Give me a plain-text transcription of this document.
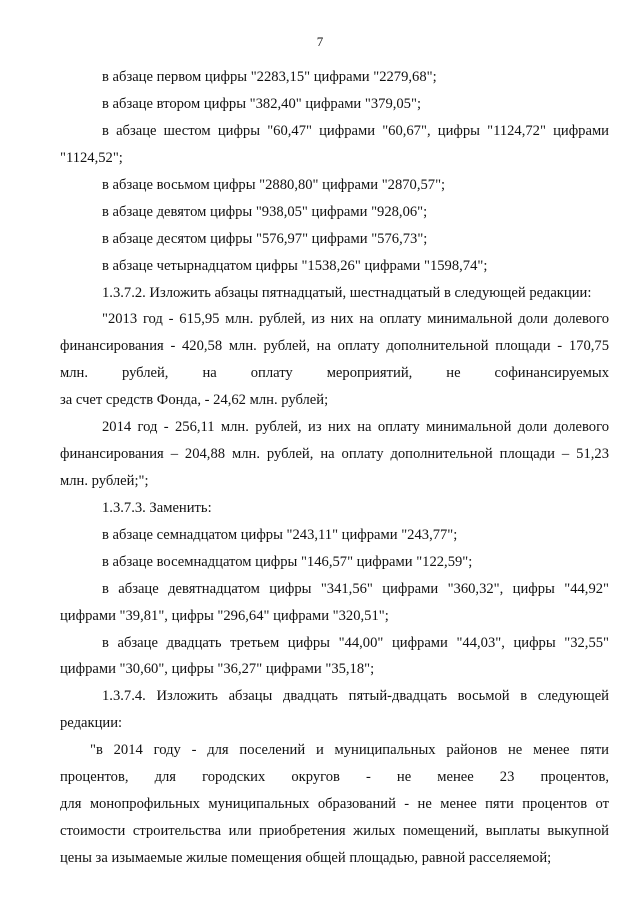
7
в абзаце первом цифры "2283,15" цифрами "2279,68";
в абзаце втором цифры "382,40" цифрами "379,05";
в абзаце шестом цифры "60,47" цифрами "60,67", цифры "1124,72" цифрами
"1124,52";
в абзаце восьмом цифры "2880,80" цифрами "2870,57";
в абзаце девятом цифры "938,05" цифрами "928,06";
в абзаце десятом цифры "576,97" цифрами "576,73";
в абзаце четырнадцатом цифры "1538,26" цифрами "1598,74";
1.3.7.2. Изложить абзацы пятнадцатый, шестнадцатый в следующей редакции:
"2013 год - 615,95 млн. рублей, из них на оплату минимальной доли долевого
финансирования - 420,58 млн. рублей, на оплату дополнительной площади - 170,75
млн. рублей, на оплату мероприятий, не софинансируемых
за счет средств Фонда, - 24,62 млн. рублей;
2014 год - 256,11 млн. рублей, из них на оплату минимальной доли долевого
финансирования – 204,88 млн. рублей, на оплату дополнительной площади – 51,23
млн. рублей;";
1.3.7.3. Заменить:
в абзаце семнадцатом цифры "243,11" цифрами "243,77";
в абзаце восемнадцатом цифры "146,57" цифрами "122,59";
в абзаце девятнадцатом цифры "341,56" цифрами "360,32", цифры "44,92"
цифрами "39,81", цифры "296,64" цифрами "320,51";
в абзаце двадцать третьем цифры "44,00" цифрами "44,03", цифры "32,55"
цифрами "30,60", цифры "36,27" цифрами "35,18";
1.3.7.4. Изложить абзацы двадцать пятый-двадцать восьмой в следующей
редакции:
"в 2014 году - для поселений и муниципальных районов не менее пяти
процентов, для городских округов - не менее 23 процентов,
для монопрофильных муниципальных образований - не менее пяти процентов от
стоимости строительства или приобретения жилых помещений, выплаты выкупной
цены за изымаемые жилые помещения общей площадью, равной расселяемой;
